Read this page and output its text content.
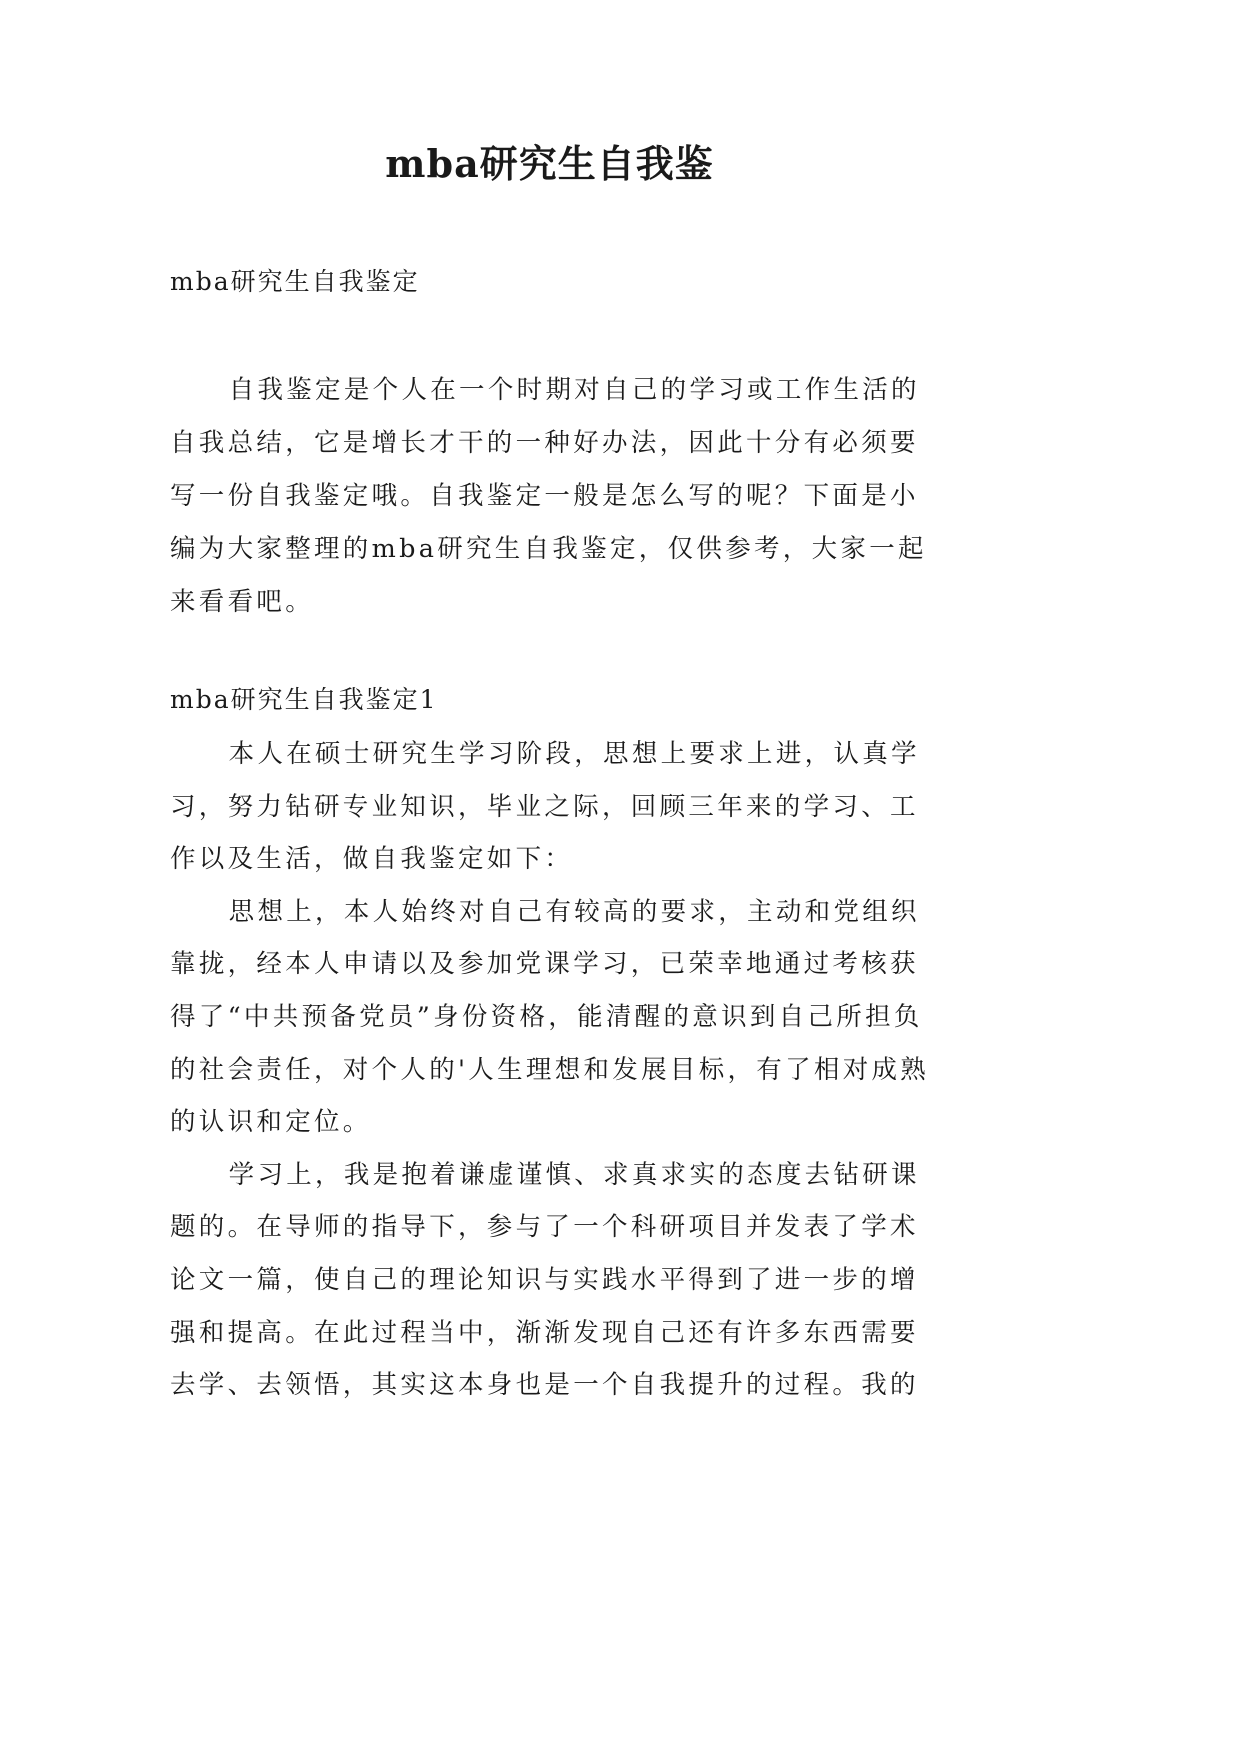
mba研究生自我鉴
mba研究生自我鉴定

自我鉴定是个人在一个时期对自己的学习或工作生活的自我总结，它是增长才干的一种好办法，因此十分有必须要写一份自我鉴定哦。自我鉴定一般是怎么写的呢？下面是小编为大家整理的mba研究生自我鉴定，仅供参考，大家一起来看看吧。

mba研究生自我鉴定1

本人在硕士研究生学习阶段，思想上要求上进，认真学习，努力钻研专业知识，毕业之际，回顾三年来的学习、工作以及生活，做自我鉴定如下：

思想上，本人始终对自己有较高的要求，主动和党组织靠拢，经本人申请以及参加党课学习，已荣幸地通过考核获得了“中共预备党员”身份资格，能清醒的意识到自己所担负的社会责任，对个人的'人生理想和发展目标，有了相对成熟的认识和定位。

学习上，我是抱着谦虚谨慎、求真求实的态度去钻研课题的。在导师的指导下，参与了一个科研项目并发表了学术论文一篇，使自己的理论知识与实践水平得到了进一步的增强和提高。在此过程当中，渐渐发现自己还有许多东西需要去学、去领悟，其实这本身也是一个自我提升的过程。我的
